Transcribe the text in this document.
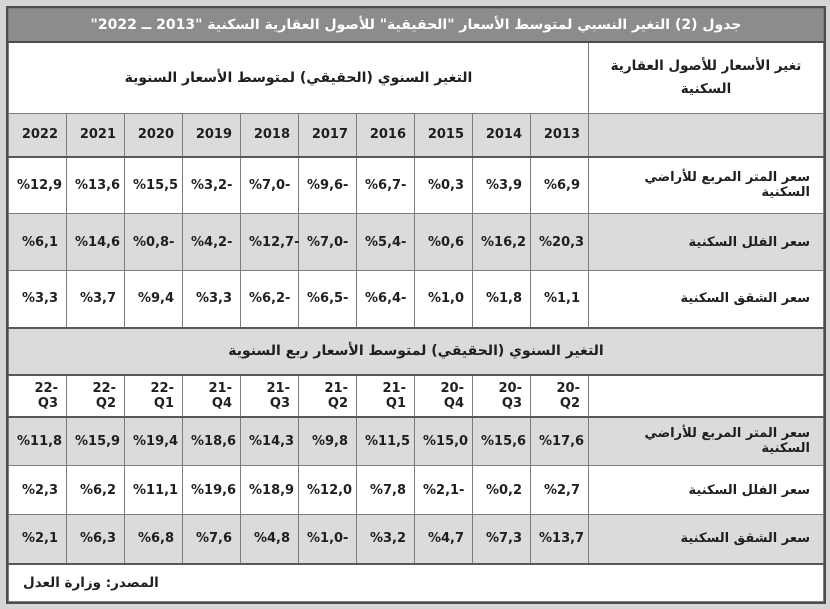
جدول (2) التغير النسبي لمتوسط الأسعار "الحقيقية" للأصول العقارية السكنية "2013 ــ 2022"										
التغير السنوي (الحقيقي) لمتوسط الأسعار السنوية										تغير الأسعار للأصول العقارية السكنية
2022	2021	2020	2019	2018	2017	2016	2015	2014	2013	
%12,9	%13,6	%15,5	%3,2-	%7,0-	%9,6-	%6,7-	%0,3	%3,9	%6,9	سعر المتر المربع للأراضي السكنية
%6,1	%14,6	%0,8-	%4,2-	%12,7-	%7,0-	%5,4-	%0,6	%16,2	%20,3	سعر الفلل السكنية
%3,3	%3,7	%9,4	%3,3	%6,2-	%6,5-	%6,4-	%1,0	%1,8	%1,1	سعر الشقق السكنية
التغير السنوي (الحقيقي) لمتوسط الأسعار ربع السنوية										
22-Q3	22-Q2	22-Q1	21-Q4	21-Q3	21-Q2	21-Q1	20-Q4	20-Q3	20-Q2	
%11,8	%15,9	%19,4	%18,6	%14,3	%9,8	%11,5	%15,0	%15,6	%17,6	سعر المتر المربع للأراضي السكنية
%2,3	%6,2	%11,1	%19,6	%18,9	%12,0	%7,8	%2,1-	%0,2	%2,7	سعر الفلل السكنية
%2,1	%6,3	%6,8	%7,6	%4,8	%1,0-	%3,2	%4,7	%7,3	%13,7	سعر الشقق السكنية
المصدر: وزارة العدل										
